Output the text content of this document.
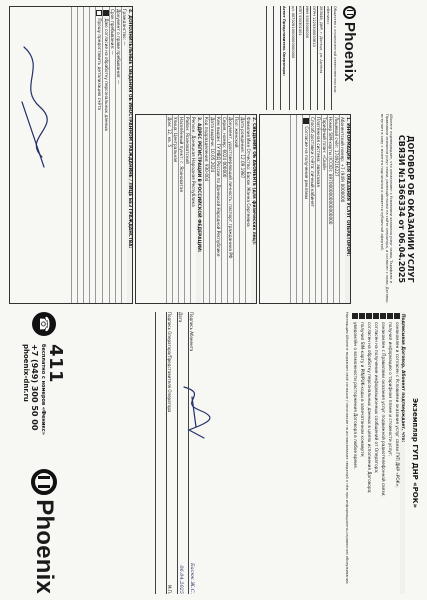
Phoenix
Общество с ограниченной ответственностью
«Феникс»
283048, ДНР, г. Донецк, ул. Артёма
ОГРН 1229300093810
ИНН 9303000000
КПП 930301001
р/с 40702810000000000000
Агент Представитель Оператора:
ДОГОВОР ОБ ОКАЗАНИИ УСЛУГ
СВЯЗИ №1366334 от 06.04.2025
Абонент подтверждает, что ознакомлен с Условиями оказания услуг связи, Тарифами и Правилами оказания услуг связи, размещёнными на сайте оператора, и согласен с ними. Договор вступает в силу с момента подписания и является публичной офертой.
1. ИНФОРМАЦИЯ ДЛЯ ОКАЗАНИЯ УСЛУГ ОПЕРАТОРОМ:
Абонентский номер: +7 (949) 0000000
Лицевой счёт: 1749216227
Номер SIM-карты (ICCID): 8970000000000000000
Тарифный план: «Свой»
Платёжная система: авансовая
Способ доставки счёта: личный кабинет
Согласие на получение рекламы

2. СВЕДЕНИЯ ОБ АБОНЕНТЕ (для физических лиц):
Фамилия Имя Отчество: Басюк Жанна Сергеевна
Дата рождения: 12.09.1987
Пол: женский
Документ, удостоверяющий личность: паспорт гражданина РФ
Серия, номер: 6024 000000
Кем выдан: ГУ МВД России по Донецкой Народной Республике
Дата выдачи: 10.05.2024
Код подразделения: 930-004
3. АДРЕС РЕГИСТРАЦИИ В РОССИЙСКОЙ ФЕДЕРАЦИИ:
Регион: Донецкая Народная Республика
Район: Ясиноватский
Населённый пункт: г. Ясиноватая
Улица: Центральная
Дом: 12, кв. 5
4. ДОПОЛНИТЕЛЬНЫЕ СВЕДЕНИЯ ОБ ИНОСТРАННОМ ГРАЖДАНИНЕ / ЛИЦЕ БЕЗ ГРАЖДАНСТВА:
Гражданство: —
Документ о праве пребывания: —
Срок пребывания: —
Даю согласие на обработку персональных данных
Прошу предоставить детализацию счёта

Экземпляр ГУП ДНР «РОК»
Подписывая Договор, Абонент подтверждает, что:
ознакомлен и согласен с Условиями оказания услуг связи ГУП ДНР «РОК»;
получил информацию о тарифном плане и стоимости услуг;
ознакомлен с Правилами оказания услуг подвижной радиотелефонной связи;
согласен на получение информационных сообщений от Оператора;
согласен на обработку персональных данных в целях исполнения Договора;
получил SIM-карту и PIN/PUK-коды в запечатанном конверте;
уведомлён о возможности расторжения Договора в любое время.
Настоящим Абонент выражает своё согласие / несогласие на использование сведений о нём при информационно-справочном обслуживании.
Подпись Абонента
Басюк Ж.С.
Дата
06.04.2025
Подпись Оператора/Представителя Оператора
М.П.
☎
411
бесплатно с номеров «Феникс»
+7 (949) 300 50 00
phoenix-dnr.ru
Phoenix
